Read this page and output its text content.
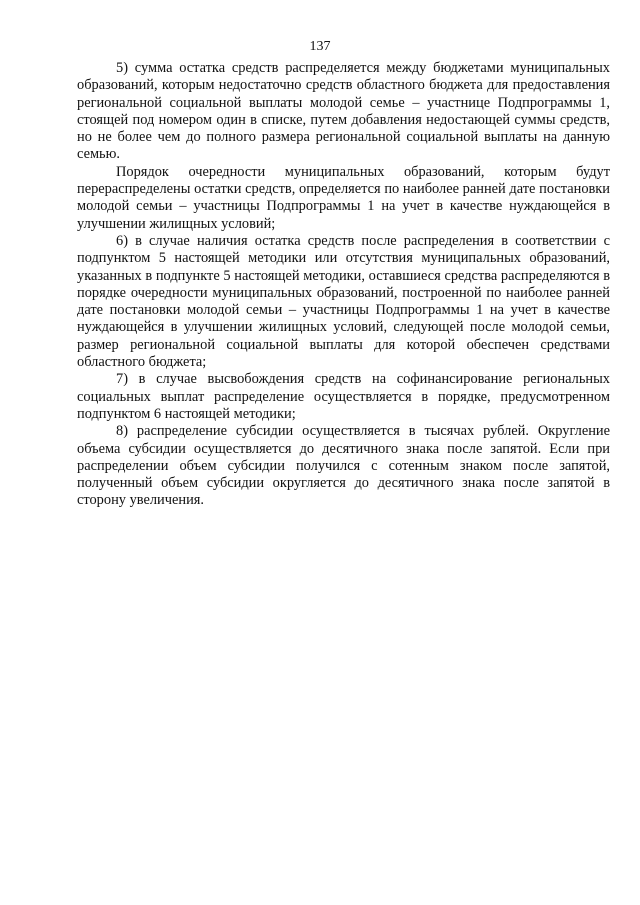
137

5) сумма остатка средств распределяется между бюджетами муниципальных образований, которым недостаточно средств областного бюджета для предоставления региональной социальной выплаты молодой семье – участнице Подпрограммы 1, стоящей под номером один в списке, путем добавления недостающей суммы средств, но не более чем до полного размера региональной социальной выплаты на данную семью.

Порядок очередности муниципальных образований, которым будут перераспределены остатки средств, определяется по наиболее ранней дате постановки молодой семьи – участницы Подпрограммы 1 на учет в качестве нуждающейся в улучшении жилищных условий;

6) в случае наличия остатка средств после распределения в соответствии с подпунктом 5 настоящей методики или отсутствия муниципальных образований, указанных в подпункте 5 настоящей методики, оставшиеся средства распределяются в порядке очередности муниципальных образований, построенной по наиболее ранней дате постановки молодой семьи – участницы Подпрограммы 1 на учет в качестве нуждающейся в улучшении жилищных условий, следующей после молодой семьи, размер региональной социальной выплаты для которой обеспечен средствами областного бюджета;

7) в случае высвобождения средств на софинансирование региональных социальных выплат распределение осуществляется в порядке, предусмотренном подпунктом 6 настоящей методики;

8) распределение субсидии осуществляется в тысячах рублей. Округление объема субсидии осуществляется до десятичного знака после запятой. Если при распределении объем субсидии получился с сотенным знаком после запятой, полученный объем субсидии округляется до десятичного знака после запятой в сторону увеличения.
